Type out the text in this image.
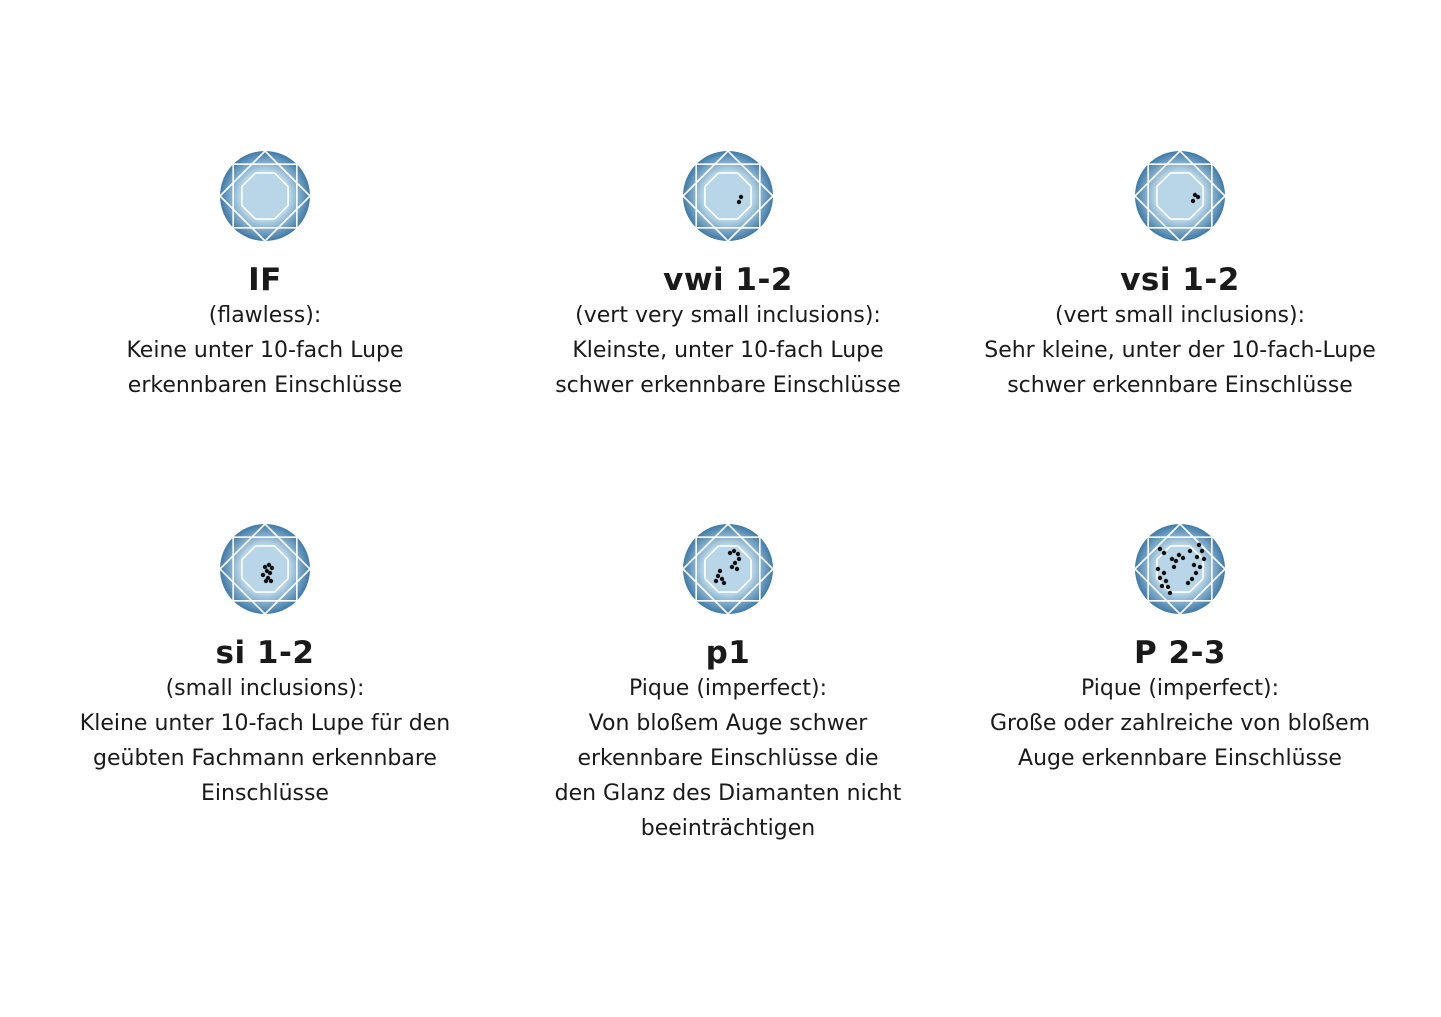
IF
(flawless):
Keine unter 10-fach Lupe
erkennbaren Einschlüsse
vwi 1-2
(vert very small inclusions):
Kleinste, unter 10-fach Lupe
schwer erkennbare Einschlüsse
vsi 1-2
(vert small inclusions):
Sehr kleine, unter der 10-fach-Lupe
schwer erkennbare Einschlüsse
si 1-2
(small inclusions):
Kleine unter 10-fach Lupe für den
geübten Fachmann erkennbare
Einschlüsse
p1
Pique (imperfect):
Von bloßem Auge schwer
erkennbare Einschlüsse die
den Glanz des Diamanten nicht
beeinträchtigen
P 2-3
Pique (imperfect):
Große oder zahlreiche von bloßem
Auge erkennbare Einschlüsse
